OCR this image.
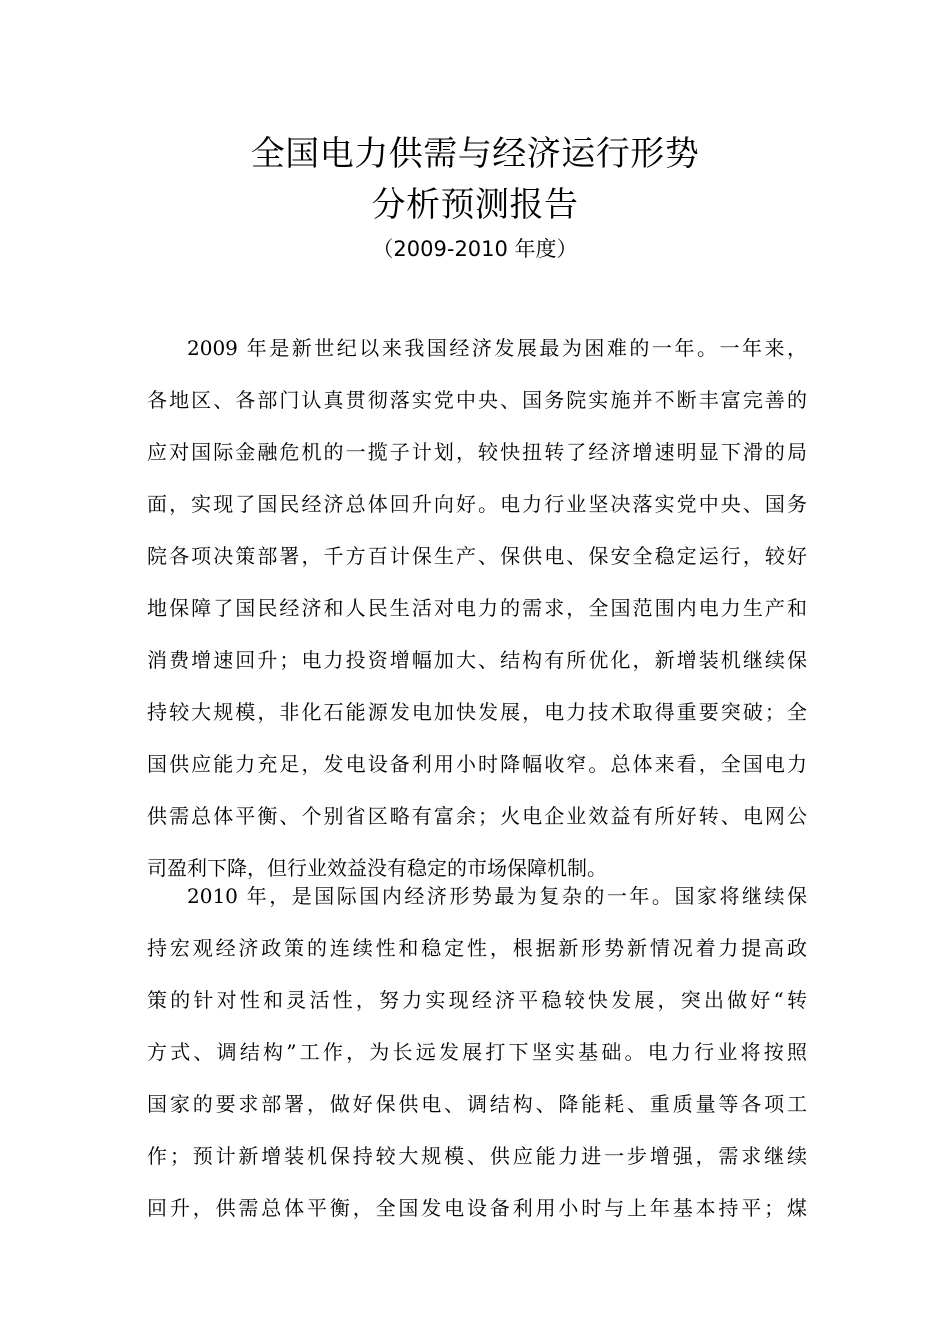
全国电力供需与经济运行形势
分析预测报告
（2009-2010 年度）
2009 年是新世纪以来我国经济发展最为困难的一年。一年来，
各地区、各部门认真贯彻落实党中央、国务院实施并不断丰富完善的
应对国际金融危机的一揽子计划，较快扭转了经济增速明显下滑的局
面，实现了国民经济总体回升向好。电力行业坚决落实党中央、国务
院各项决策部署，千方百计保生产、保供电、保安全稳定运行，较好
地保障了国民经济和人民生活对电力的需求，全国范围内电力生产和
消费增速回升；电力投资增幅加大、结构有所优化，新增装机继续保
持较大规模，非化石能源发电加快发展，电力技术取得重要突破；全
国供应能力充足，发电设备利用小时降幅收窄。总体来看，全国电力
供需总体平衡、个别省区略有富余；火电企业效益有所好转、电网公
司盈利下降，但行业效益没有稳定的市场保障机制。
2010 年，是国际国内经济形势最为复杂的一年。国家将继续保
持宏观经济政策的连续性和稳定性，根据新形势新情况着力提高政
策的针对性和灵活性，努力实现经济平稳较快发展，突出做好“转
方式、调结构”工作，为长远发展打下坚实基础。电力行业将按照
国家的要求部署，做好保供电、调结构、降能耗、重质量等各项工
作；预计新增装机保持较大规模、供应能力进一步增强，需求继续
回升，供需总体平衡，全国发电设备利用小时与上年基本持平；煤
